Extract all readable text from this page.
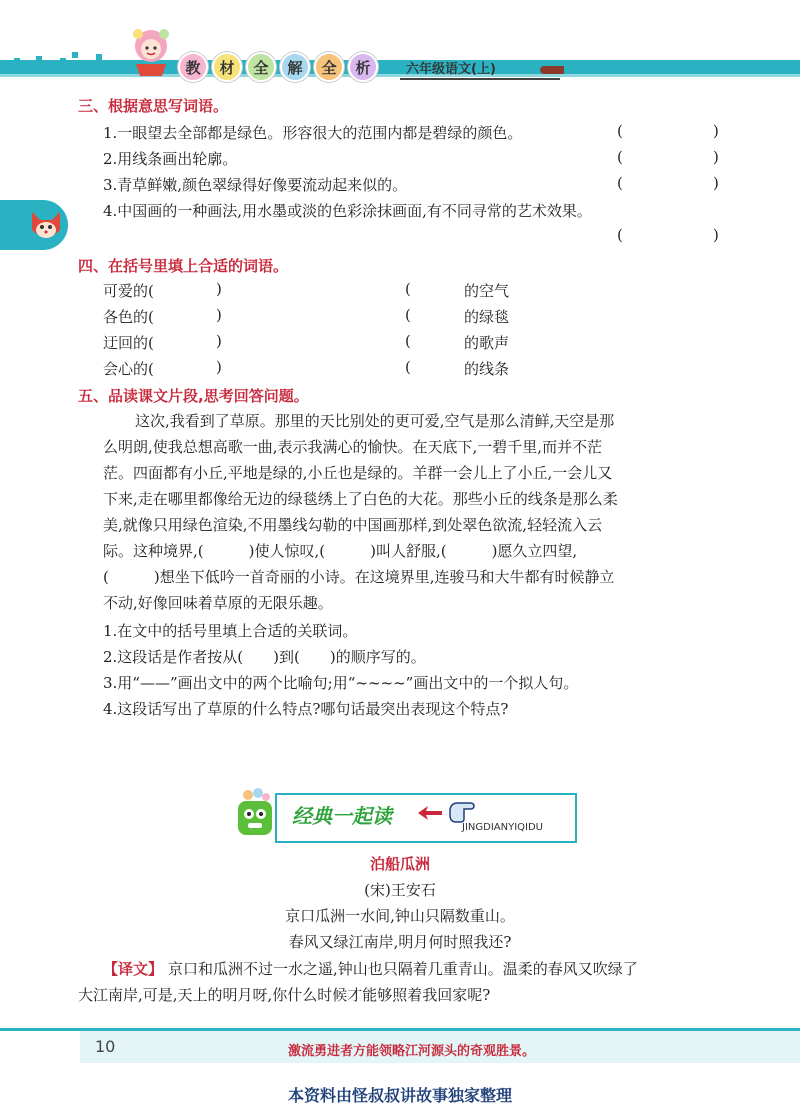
教	材	全	解	全	析	六年级语文(上)
三、根据意思写词语。
1.一眼望去全部都是绿色。形容很大的范围内都是碧绿的颜色。	(	)
2.用线条画出轮廓。	(	)
3.青草鲜嫩,颜色翠绿得好像要流动起来似的。	(	)
4.中国画的一种画法,用水墨或淡的色彩涂抹画面,有不同寻常的艺术效果。
(	)
四、在括号里填上合适的词语。
可爱的(	)	(	的空气
各色的(	)	(	的绿毯
迂回的(	)	(	的歌声
会心的(	)	(	的线条
五、品读课文片段,思考回答问题。
这次,我看到了草原。那里的天比别处的更可爱,空气是那么清鲜,天空是那
么明朗,使我总想高歌一曲,表示我满心的愉快。在天底下,一碧千里,而并不茫
茫。四面都有小丘,平地是绿的,小丘也是绿的。羊群一会儿上了小丘,一会儿又
下来,走在哪里都像给无边的绿毯绣上了白色的大花。那些小丘的线条是那么柔
美,就像只用绿色渲染,不用墨线勾勒的中国画那样,到处翠色欲流,轻轻流入云
际。这种境界,(　　　)使人惊叹,(　　　)叫人舒服,(　　　)愿久立四望,
(　　　)想坐下低吟一首奇丽的小诗。在这境界里,连骏马和大牛都有时候静立
不动,好像回味着草原的无限乐趣。
1.在文中的括号里填上合适的关联词。
2.这段话是作者按从(　　)到(　　)的顺序写的。
3.用“——”画出文中的两个比喻句;用“~~~~”画出文中的一个拟人句。
4.这段话写出了草原的什么特点?哪句话最突出表现这个特点?
经典一起读	JINGDIANYIQIDU
泊船瓜洲
(宋)王安石
京口瓜洲一水间,钟山只隔数重山。
春风又绿江南岸,明月何时照我还?
【译文】 京口和瓜洲不过一水之遥,钟山也只隔着几重青山。温柔的春风又吹绿了
大江南岸,可是,天上的明月呀,你什么时候才能够照着我回家呢?
10	激流勇进者方能领略江河源头的奇观胜景。
本资料由怪叔叔讲故事独家整理
